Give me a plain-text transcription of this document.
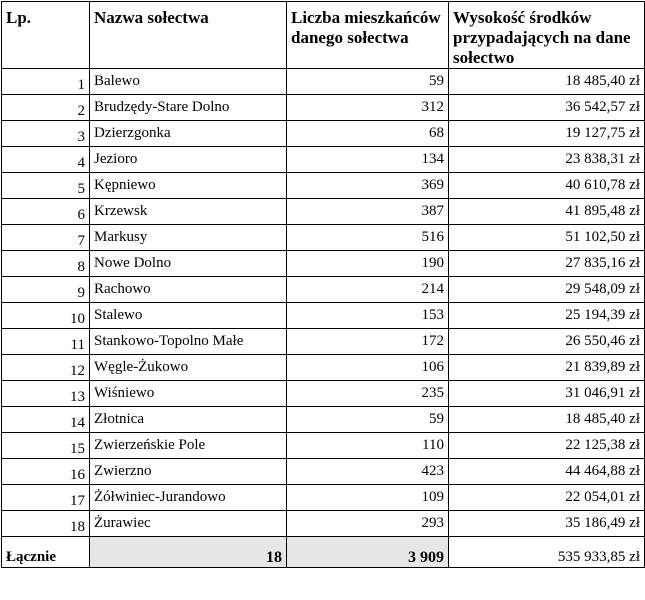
Lp.	Nazwa sołectwa	Liczba mieszkańców danego sołectwa	Wysokość środków przypadających na dane sołectwo
1	Balewo	59	18 485,40 zł
2	Brudzędy-Stare Dolno	312	36 542,57 zł
3	Dzierzgonka	68	19 127,75 zł
4	Jezioro	134	23 838,31 zł
5	Kępniewo	369	40 610,78 zł
6	Krzewsk	387	41 895,48 zł
7	Markusy	516	51 102,50 zł
8	Nowe Dolno	190	27 835,16 zł
9	Rachowo	214	29 548,09 zł
10	Stalewo	153	25 194,39 zł
11	Stankowo-Topolno Małe	172	26 550,46 zł
12	Węgle-Żukowo	106	21 839,89 zł
13	Wiśniewo	235	31 046,91 zł
14	Złotnica	59	18 485,40 zł
15	Zwierzeńskie Pole	110	22 125,38 zł
16	Zwierzno	423	44 464,88 zł
17	Żółwiniec-Jurandowo	109	22 054,01 zł
18	Żurawiec	293	35 186,49 zł
Łącznie	18	3 909	535 933,85 zł
